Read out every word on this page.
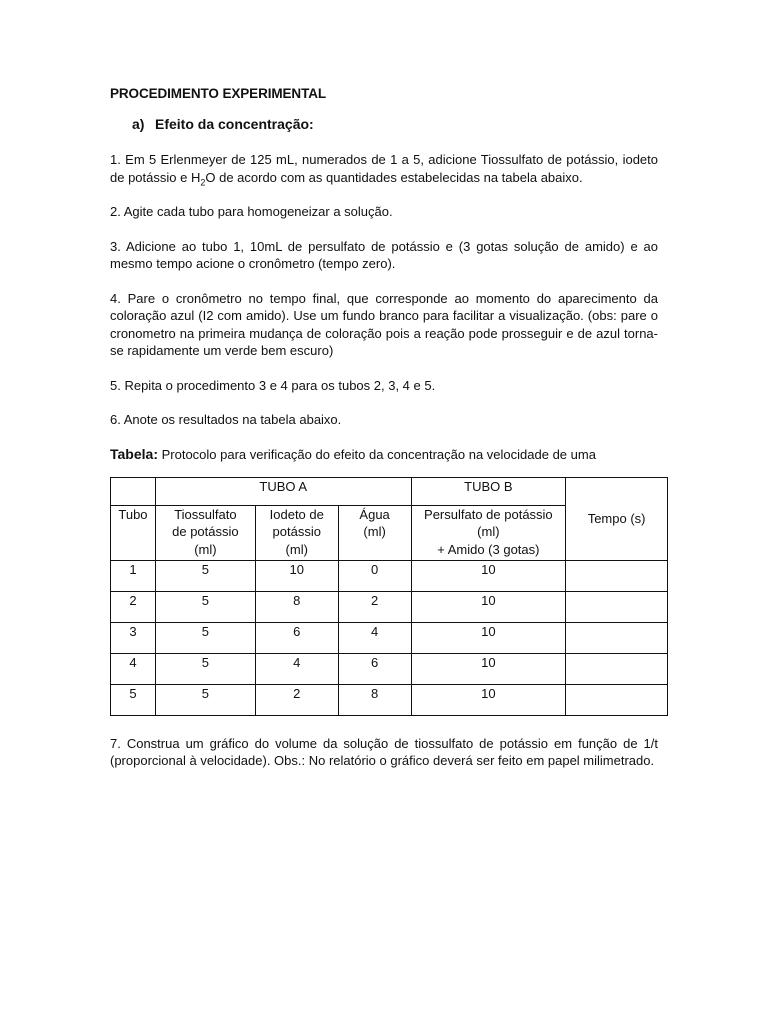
PROCEDIMENTO EXPERIMENTAL
a) Efeito da concentração:

1. Em 5 Erlenmeyer de 125 mL, numerados de 1 a 5, adicione Tiossulfato de potássio, iodeto de potássio e $H_2O$ de acordo com as quantidades estabelecidas na tabela abaixo.

2. Agite cada tubo para homogeneizar a solução.

3. Adicione ao tubo 1, 10mL de persulfato de potássio e (3 gotas solução de amido) e ao mesmo tempo acione o cronômetro (tempo zero).

4. Pare o cronômetro no tempo final, que corresponde ao momento do aparecimento da coloração azul (I2 com amido). Use um fundo branco para facilitar a visualização. (obs: pare o cronometro na primeira mudança de coloração pois a reação pode prosseguir e de azul torna-se rapidamente um verde bem escuro)

5. Repita o procedimento 3 e 4 para os tubos 2, 3, 4 e 5.

6. Anote os resultados na tabela abaixo.

Tabela: Protocolo para verificação do efeito da concentração na velocidade de uma
	TUBO A			TUBO B	Tempo (s)
Tubo	Tiossulfato
de potássio
(ml)	Iodeto de
potássio
(ml)	Água
(ml)	Persulfato de potássio
(ml)
+ Amido (3 gotas)	

1	5	10	0	10	
2	5	8	2	10	
3	5	6	4	10	
4	5	4	6	10	
5	5	2	8	10	

7. Construa um gráfico do volume da solução de tiossulfato de potássio em função de 1/t (proporcional à velocidade). Obs.: No relatório o gráfico deverá ser feito em papel milimetrado.
